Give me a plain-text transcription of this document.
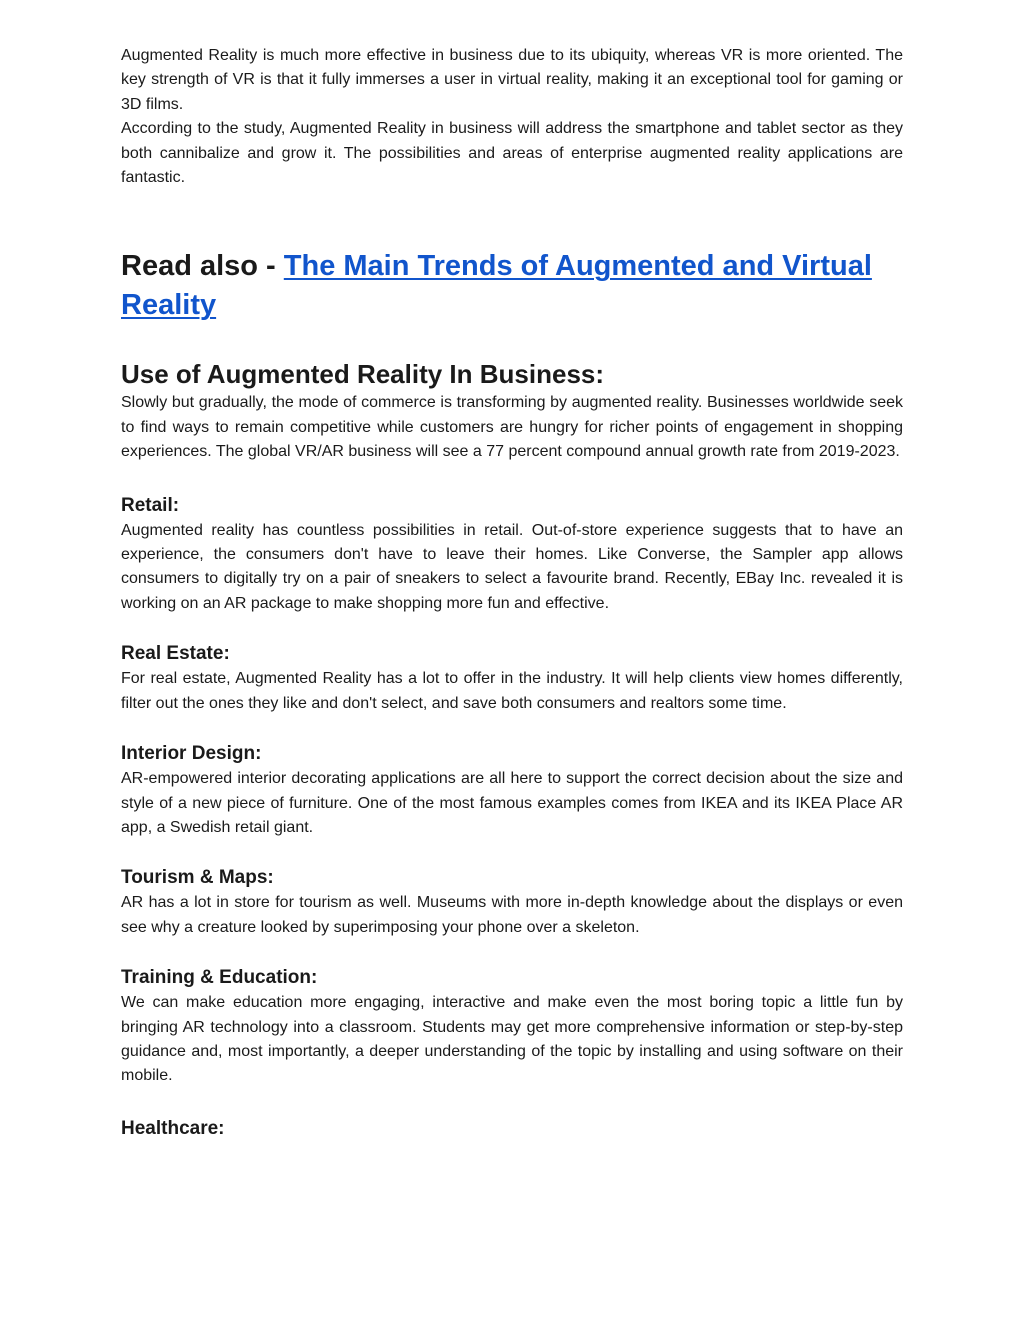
Augmented Reality is much more effective in business due to its ubiquity, whereas VR is more oriented. The key strength of VR is that it fully immerses a user in virtual reality, making it an exceptional tool for gaming or 3D films.

According to the study, Augmented Reality in business will address the smartphone and tablet sector as they both cannibalize and grow it. The possibilities and areas of enterprise augmented reality applications are fantastic.

Read also - The Main Trends of Augmented and Virtual Reality
Use of Augmented Reality In Business:

Slowly but gradually, the mode of commerce is transforming by augmented reality. Businesses worldwide seek to find ways to remain competitive while customers are hungry for richer points of engagement in shopping experiences. The global VR/AR business will see a 77 percent compound annual growth rate from 2019-2023.

Retail:

Augmented reality has countless possibilities in retail. Out-of-store experience suggests that to have an experience, the consumers don't have to leave their homes. Like Converse, the Sampler app allows consumers to digitally try on a pair of sneakers to select a favourite brand. Recently, EBay Inc. revealed it is working on an AR package to make shopping more fun and effective.

Real Estate:

For real estate, Augmented Reality has a lot to offer in the industry. It will help clients view homes differently, filter out the ones they like and don't select, and save both consumers and realtors some time.

Interior Design:

AR-empowered interior decorating applications are all here to support the correct decision about the size and style of a new piece of furniture. One of the most famous examples comes from IKEA and its IKEA Place AR app, a Swedish retail giant.

Tourism & Maps:

AR has a lot in store for tourism as well. Museums with more in-depth knowledge about the displays or even see why a creature looked by superimposing your phone over a skeleton.

Training & Education:

We can make education more engaging, interactive and make even the most boring topic a little fun by bringing AR technology into a classroom. Students may get more comprehensive information or step-by-step guidance and, most importantly, a deeper understanding of the topic by installing and using software on their mobile.

Healthcare:
